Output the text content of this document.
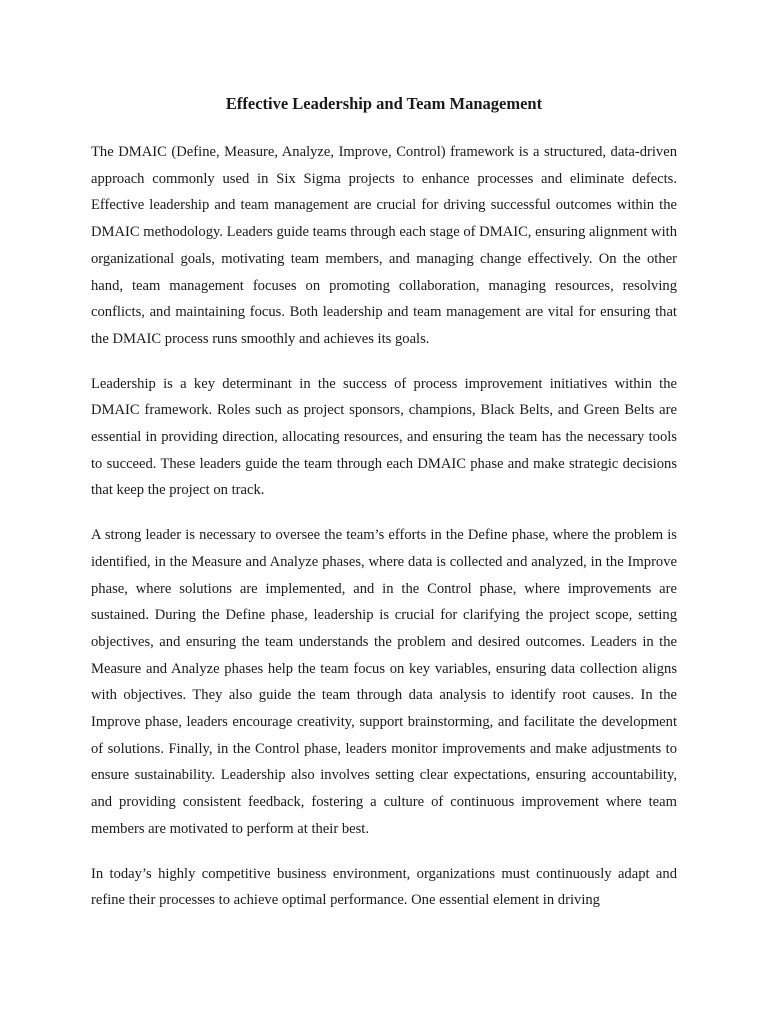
Effective Leadership and Team Management

The DMAIC (Define, Measure, Analyze, Improve, Control) framework is a structured, data-driven approach commonly used in Six Sigma projects to enhance processes and eliminate defects. Effective leadership and team management are crucial for driving successful outcomes within the DMAIC methodology. Leaders guide teams through each stage of DMAIC, ensuring alignment with organizational goals, motivating team members, and managing change effectively. On the other hand, team management focuses on promoting collaboration, managing resources, resolving conflicts, and maintaining focus. Both leadership and team management are vital for ensuring that the DMAIC process runs smoothly and achieves its goals.

Leadership is a key determinant in the success of process improvement initiatives within the DMAIC framework. Roles such as project sponsors, champions, Black Belts, and Green Belts are essential in providing direction, allocating resources, and ensuring the team has the necessary tools to succeed. These leaders guide the team through each DMAIC phase and make strategic decisions that keep the project on track.

A strong leader is necessary to oversee the team’s efforts in the Define phase, where the problem is identified, in the Measure and Analyze phases, where data is collected and analyzed, in the Improve phase, where solutions are implemented, and in the Control phase, where improvements are sustained. During the Define phase, leadership is crucial for clarifying the project scope, setting objectives, and ensuring the team understands the problem and desired outcomes. Leaders in the Measure and Analyze phases help the team focus on key variables, ensuring data collection aligns with objectives. They also guide the team through data analysis to identify root causes. In the Improve phase, leaders encourage creativity, support brainstorming, and facilitate the development of solutions. Finally, in the Control phase, leaders monitor improvements and make adjustments to ensure sustainability. Leadership also involves setting clear expectations, ensuring accountability, and providing consistent feedback, fostering a culture of continuous improvement where team members are motivated to perform at their best.

In today’s highly competitive business environment, organizations must continuously adapt and refine their processes to achieve optimal performance. One essential element in driving
